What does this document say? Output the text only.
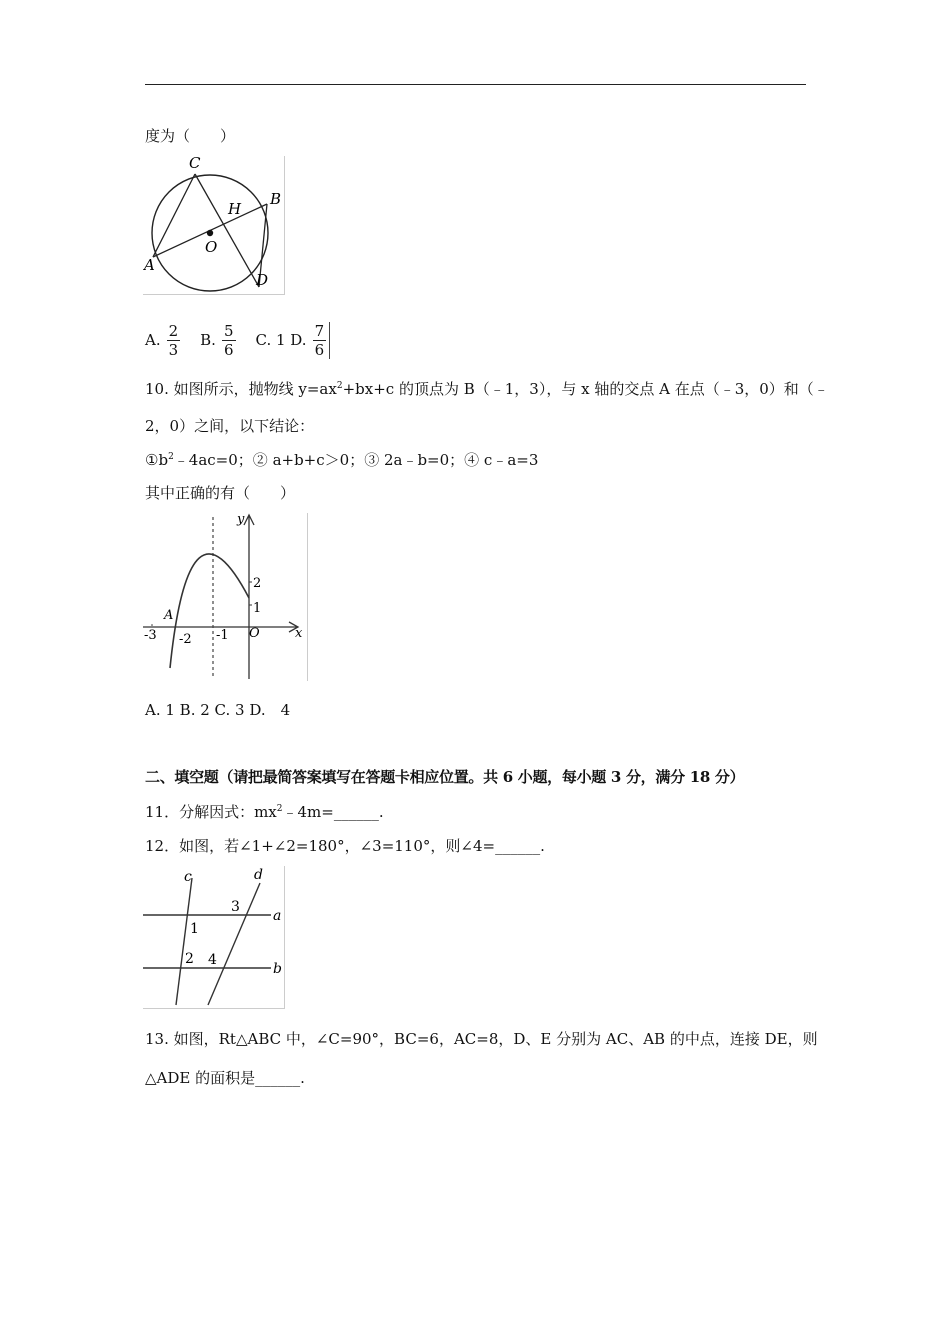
度为（　　）
C
B
H
O
A
D
A. $\frac{2}{3} B$. $\frac{5}{6} C$. 1 D. $\frac{7}{6}$
10. 如图所示，抛物线 $y=ax^2+bx+c$ 的顶点为 B（﹣1，3），与 x 轴的交点 A 在点（﹣3，0）和（﹣
2，0）之间，以下结论：
$①b^2﹣4ac=0$；② a+b+c＞0；③ 2a﹣b=0；④ c﹣a=3
其中正确的有（　　）
y
x
O
A
-3 -2 -1
2
1
A. 1 B. 2 C. 3 D.　4
二、填空题（请把最简答案填写在答题卡相应位置。共 6 小题，每小题 3 分，满分 18 分）
11．分解因式：$mx^2﹣4m=\_\_\_\_\_\_$.
12．如图，若∠1+∠2=180°，∠3=110°，则∠4=______.
c	d
a
b
1
2
3
4
13. 如图，Rt△ABC 中，∠C=90°，BC=6，AC=8，D、E 分别为 AC、AB 的中点，连接 DE，则
△ADE 的面积是______.
